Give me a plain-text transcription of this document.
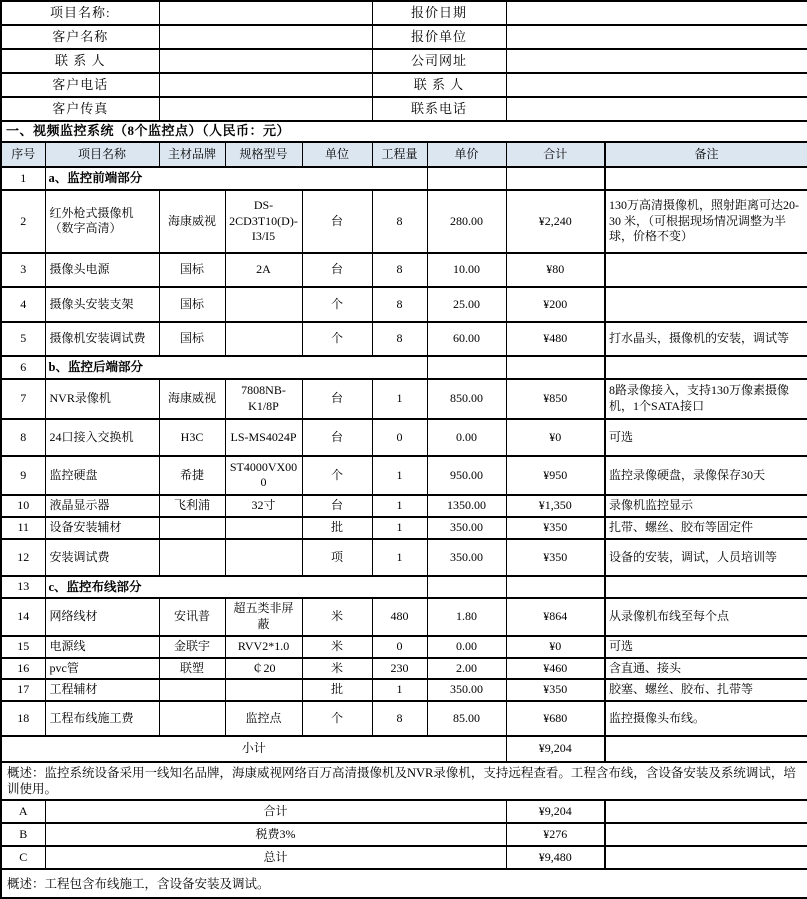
项目名称:					报价日期			
客户名称					报价单位			
联 系 人					公司网址			
客户电话					联 系 人			
客户传真					联系电话			
一、视频监控系统（8个监控点）（人民币：元）								
序号	项目名称	主材品牌	规格型号	单位	工程量	单价	合计	备注
1	a、监控前端部分							
2	红外枪式摄像机（数字高清）	海康威视	DS-2CD3T10(D)-I3/I5	台	8	280.00	¥2,240	130万高清摄像机，照射距离可达20-30 米，（可根据现场情况调整为半球，价格不变）
3	摄像头电源	国标	2A	台	8	10.00	¥80	
4	摄像头安装支架	国标		个	8	25.00	¥200	
5	摄像机安装调试费	国标		个	8	60.00	¥480	打水晶头，摄像机的安装，调试等
6	b、监控后端部分							
7	NVR录像机	海康威视	7808NB-K1/8P	台	1	850.00	¥850	8路录像接入，支持130万像素摄像机，1个SATA接口
8	24口接入交换机	H3C	LS-MS4024P	台	0	0.00	¥0	可选
9	监控硬盘	希捷	ST4000VX000	个	1	950.00	¥950	监控录像硬盘，录像保存30天
10	液晶显示器	飞利浦	32寸	台	1	1350.00	¥1,350	录像机监控显示
11	设备安装辅材			批	1	350.00	¥350	扎带、螺丝、胶布等固定件
12	安装调试费			项	1	350.00	¥350	设备的安装，调试，人员培训等
13	c、监控布线部分							
14	网络线材	安讯普	超五类非屏蔽	米	480	1.80	¥864	从录像机布线至每个点
15	电源线	金联宇	RVV2*1.0	米	0	0.00	¥0	可选
16	pvc管	联塑	￠20	米	230	2.00	¥460	含直通、接头
17	工程辅材			批	1	350.00	¥350	胶塞、螺丝、胶布、扎带等
18	工程布线施工费		监控点	个	8	85.00	¥680	监控摄像头布线。
小计							¥9,204	
概述：监控系统设备采用一线知名品牌，海康威视网络百万高清摄像机及NVR录像机，支持远程查看。工程含布线，含设备安装及系统调试，培训使用。								
A	合计						¥9,204	
B	税费3%						¥276	
C	总计						¥9,480	
概述：工程包含布线施工，含设备安装及调试。								
